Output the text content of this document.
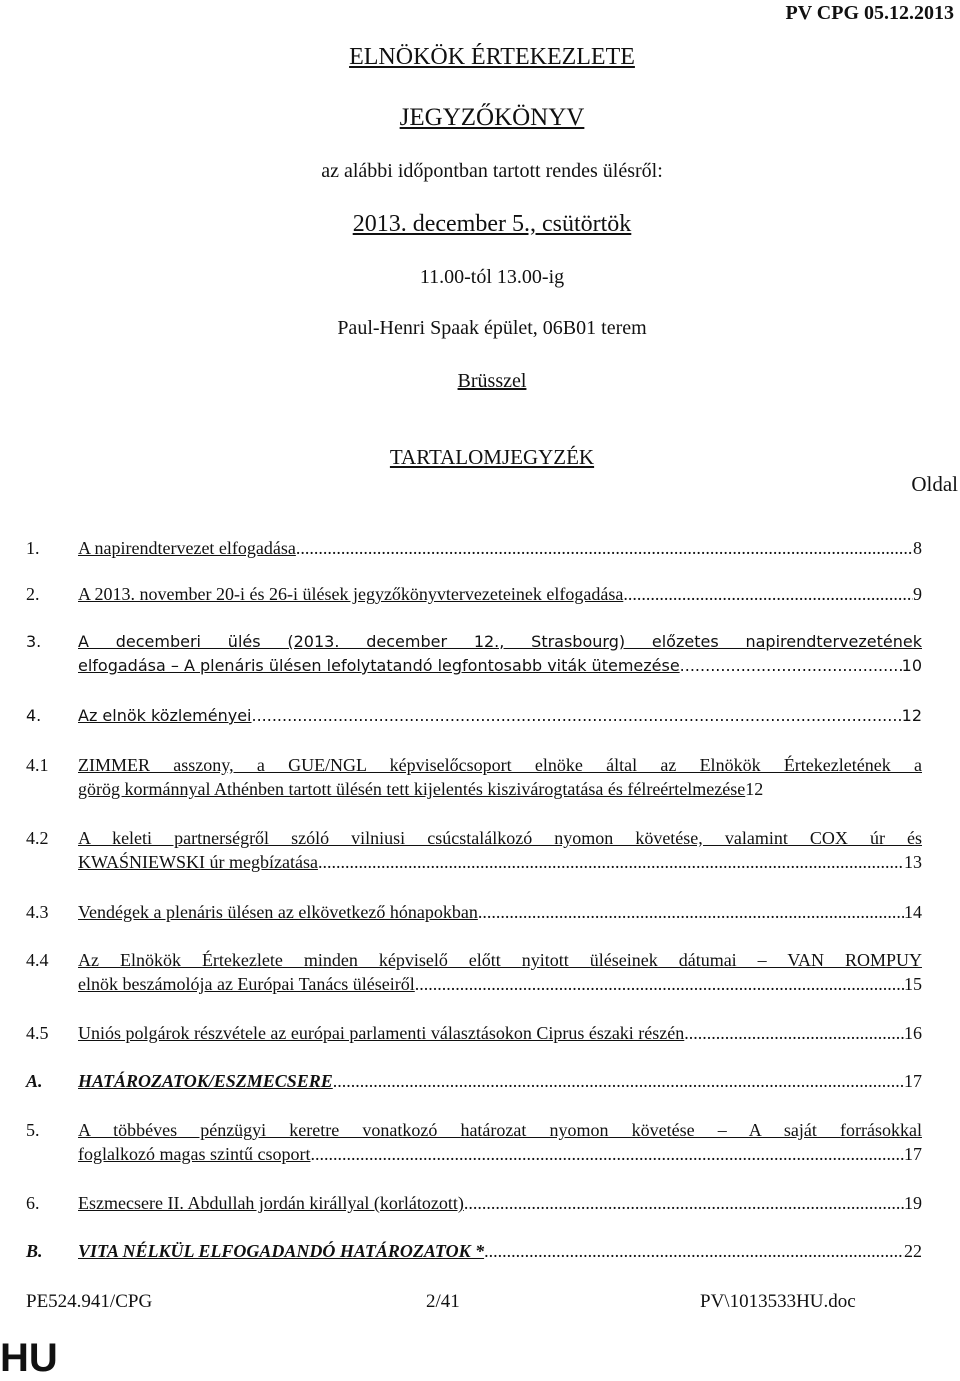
PV CPG 05.12.2013
ELNÖKÖK ÉRTEKEZLETE
JEGYZŐKÖNYV
az alábbi időpontban tartott rendes ülésről:
2013. december 5., csütörtök
11.00-tól 13.00-ig
Paul-Henri Spaak épület, 06B01 terem
Brüsszel
TARTALOMJEGYZÉK
Oldal
1. A napirendtervezet elfogadása .....	8
2. A 2013. november 20-i és 26-i ülések jegyzőkönyvtervezeteinek elfogadása .....	9
3. A decemberi ülés (2013. december 12., Strasbourg) előzetes napirendtervezetének
elfogadása – A plenáris ülésen lefolytatandó legfontosabb viták ütemezése .....	10
4. Az elnök közleményei .....	12
4.1 ZIMMER asszony, a GUE/NGL képviselőcsoport elnöke által az Elnökök Értekezletének a
görög kormánnyal Athénben tartott ülésén tett kijelentés kiszivárogtatása és félreértelmezése 12
4.2 A keleti partnerségről szóló vilniusi csúcstalálkozó nyomon követése, valamint COX úr és
KWAŚNIEWSKI úr megbízatása .....	13
4.3 Vendégek a plenáris ülésen az elkövetkező hónapokban .....	14
4.4 Az Elnökök Értekezlete minden képviselő előtt nyitott üléseinek dátumai – VAN ROMPUY
elnök beszámolója az Európai Tanács üléseiről .....	15
4.5 Uniós polgárok részvétele az európai parlamenti választásokon Ciprus északi részén .....	16
A. HATÁROZATOK/ESZMECSERE .....	17
5. A többéves pénzügyi keretre vonatkozó határozat nyomon követése – A saját forrásokkal
foglalkozó magas szintű csoport .....	17
6. Eszmecsere II. Abdullah jordán királlyal (korlátozott) .....	19
B. VITA NÉLKÜL ELFOGADANDÓ HATÁROZATOK * .....	22
PE524.941/CPG	2/41	PV\1013533HU.doc
HU
